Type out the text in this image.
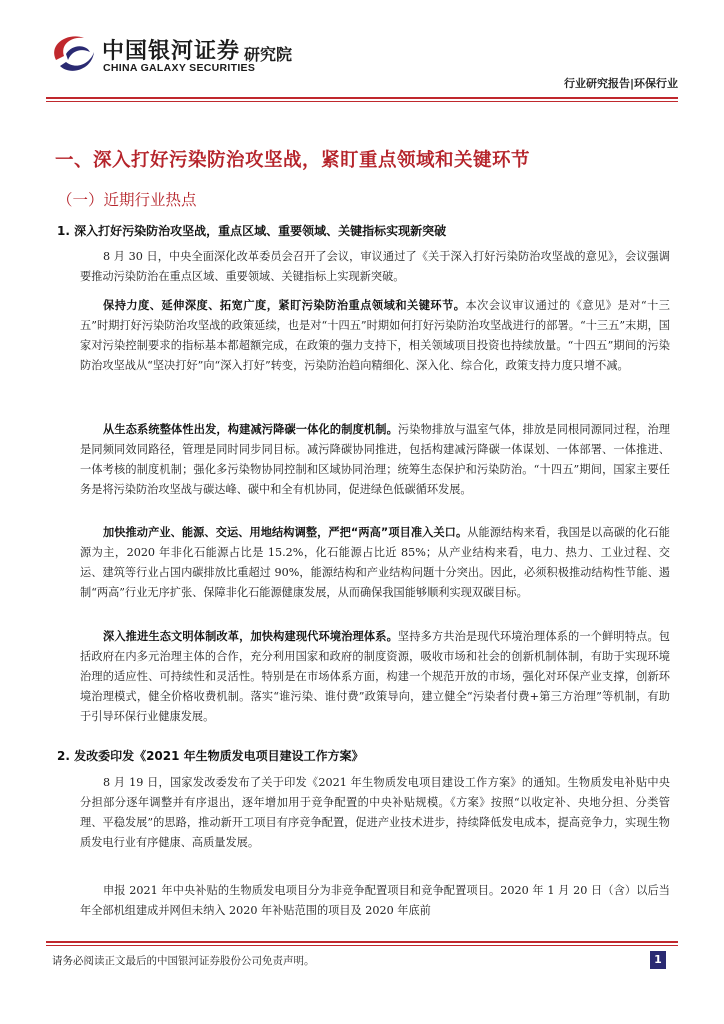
中国银河证券
CHINA GALAXY SECURITIES
研究院
行业研究报告|环保行业
一、深入打好污染防治攻坚战，紧盯重点领域和关键环节
（一）近期行业热点
1. 深入打好污染防治攻坚战，重点区域、重要领域、关键指标实现新突破

8 月 30 日，中央全面深化改革委员会召开了会议，审议通过了《关于深入打好污染防治攻坚战的意见》，会议强调要推动污染防治在重点区域、重要领域、关键指标上实现新突破。

保持力度、延伸深度、拓宽广度，紧盯污染防治重点领域和关键环节。本次会议审议通过的《意见》是对“十三五”时期打好污染防治攻坚战的政策延续，也是对“十四五”时期如何打好污染防治攻坚战进行的部署。“十三五”末期，国家对污染控制要求的指标基本都超额完成，在政策的强力支持下，相关领域项目投资也持续放量。“十四五”期间的污染防治攻坚战从“坚决打好”向“深入打好”转变，污染防治趋向精细化、深入化、综合化，政策支持力度只增不减。

从生态系统整体性出发，构建减污降碳一体化的制度机制。污染物排放与温室气体，排放是同根同源同过程，治理是同频同效同路径，管理是同时同步同目标。减污降碳协同推进，包括构建减污降碳一体谋划、一体部署、一体推进、一体考核的制度机制；强化多污染物协同控制和区域协同治理；统筹生态保护和污染防治。“十四五”期间，国家主要任务是将污染防治攻坚战与碳达峰、碳中和全有机协同，促进绿色低碳循环发展。

加快推动产业、能源、交运、用地结构调整，严把“两高”项目准入关口。从能源结构来看，我国是以高碳的化石能源为主，2020 年非化石能源占比是 15.2%，化石能源占比近 85%；从产业结构来看，电力、热力、工业过程、交运、建筑等行业占国内碳排放比重超过 90%，能源结构和产业结构问题十分突出。因此，必须积极推动结构性节能、遏制“两高”行业无序扩张、保障非化石能源健康发展，从而确保我国能够顺利实现双碳目标。

深入推进生态文明体制改革，加快构建现代环境治理体系。坚持多方共治是现代环境治理体系的一个鲜明特点。包括政府在内多元治理主体的合作，充分利用国家和政府的制度资源，吸收市场和社会的创新机制体制，有助于实现环境治理的适应性、可持续性和灵活性。特别是在市场体系方面，构建一个规范开放的市场，强化对环保产业支撑，创新环境治理模式，健全价格收费机制。落实“谁污染、谁付费”政策导向，建立健全“污染者付费+第三方治理”等机制，有助于引导环保行业健康发展。

2. 发改委印发《2021 年生物质发电项目建设工作方案》

8 月 19 日，国家发改委发布了关于印发《2021 年生物质发电项目建设工作方案》的通知。生物质发电补贴中央分担部分逐年调整并有序退出，逐年增加用于竞争配置的中央补贴规模。《方案》按照“以收定补、央地分担、分类管理、平稳发展”的思路，推动新开工项目有序竞争配置，促进产业技术进步，持续降低发电成本，提高竞争力，实现生物质发电行业有序健康、高质量发展。

申报 2021 年中央补贴的生物质发电项目分为非竞争配置项目和竞争配置项目。2020 年 1 月 20 日（含）以后当年全部机组建成并网但未纳入 2020 年补贴范围的项目及 2020 年底前

请务必阅读正文最后的中国银河证券股份公司免责声明。	1
